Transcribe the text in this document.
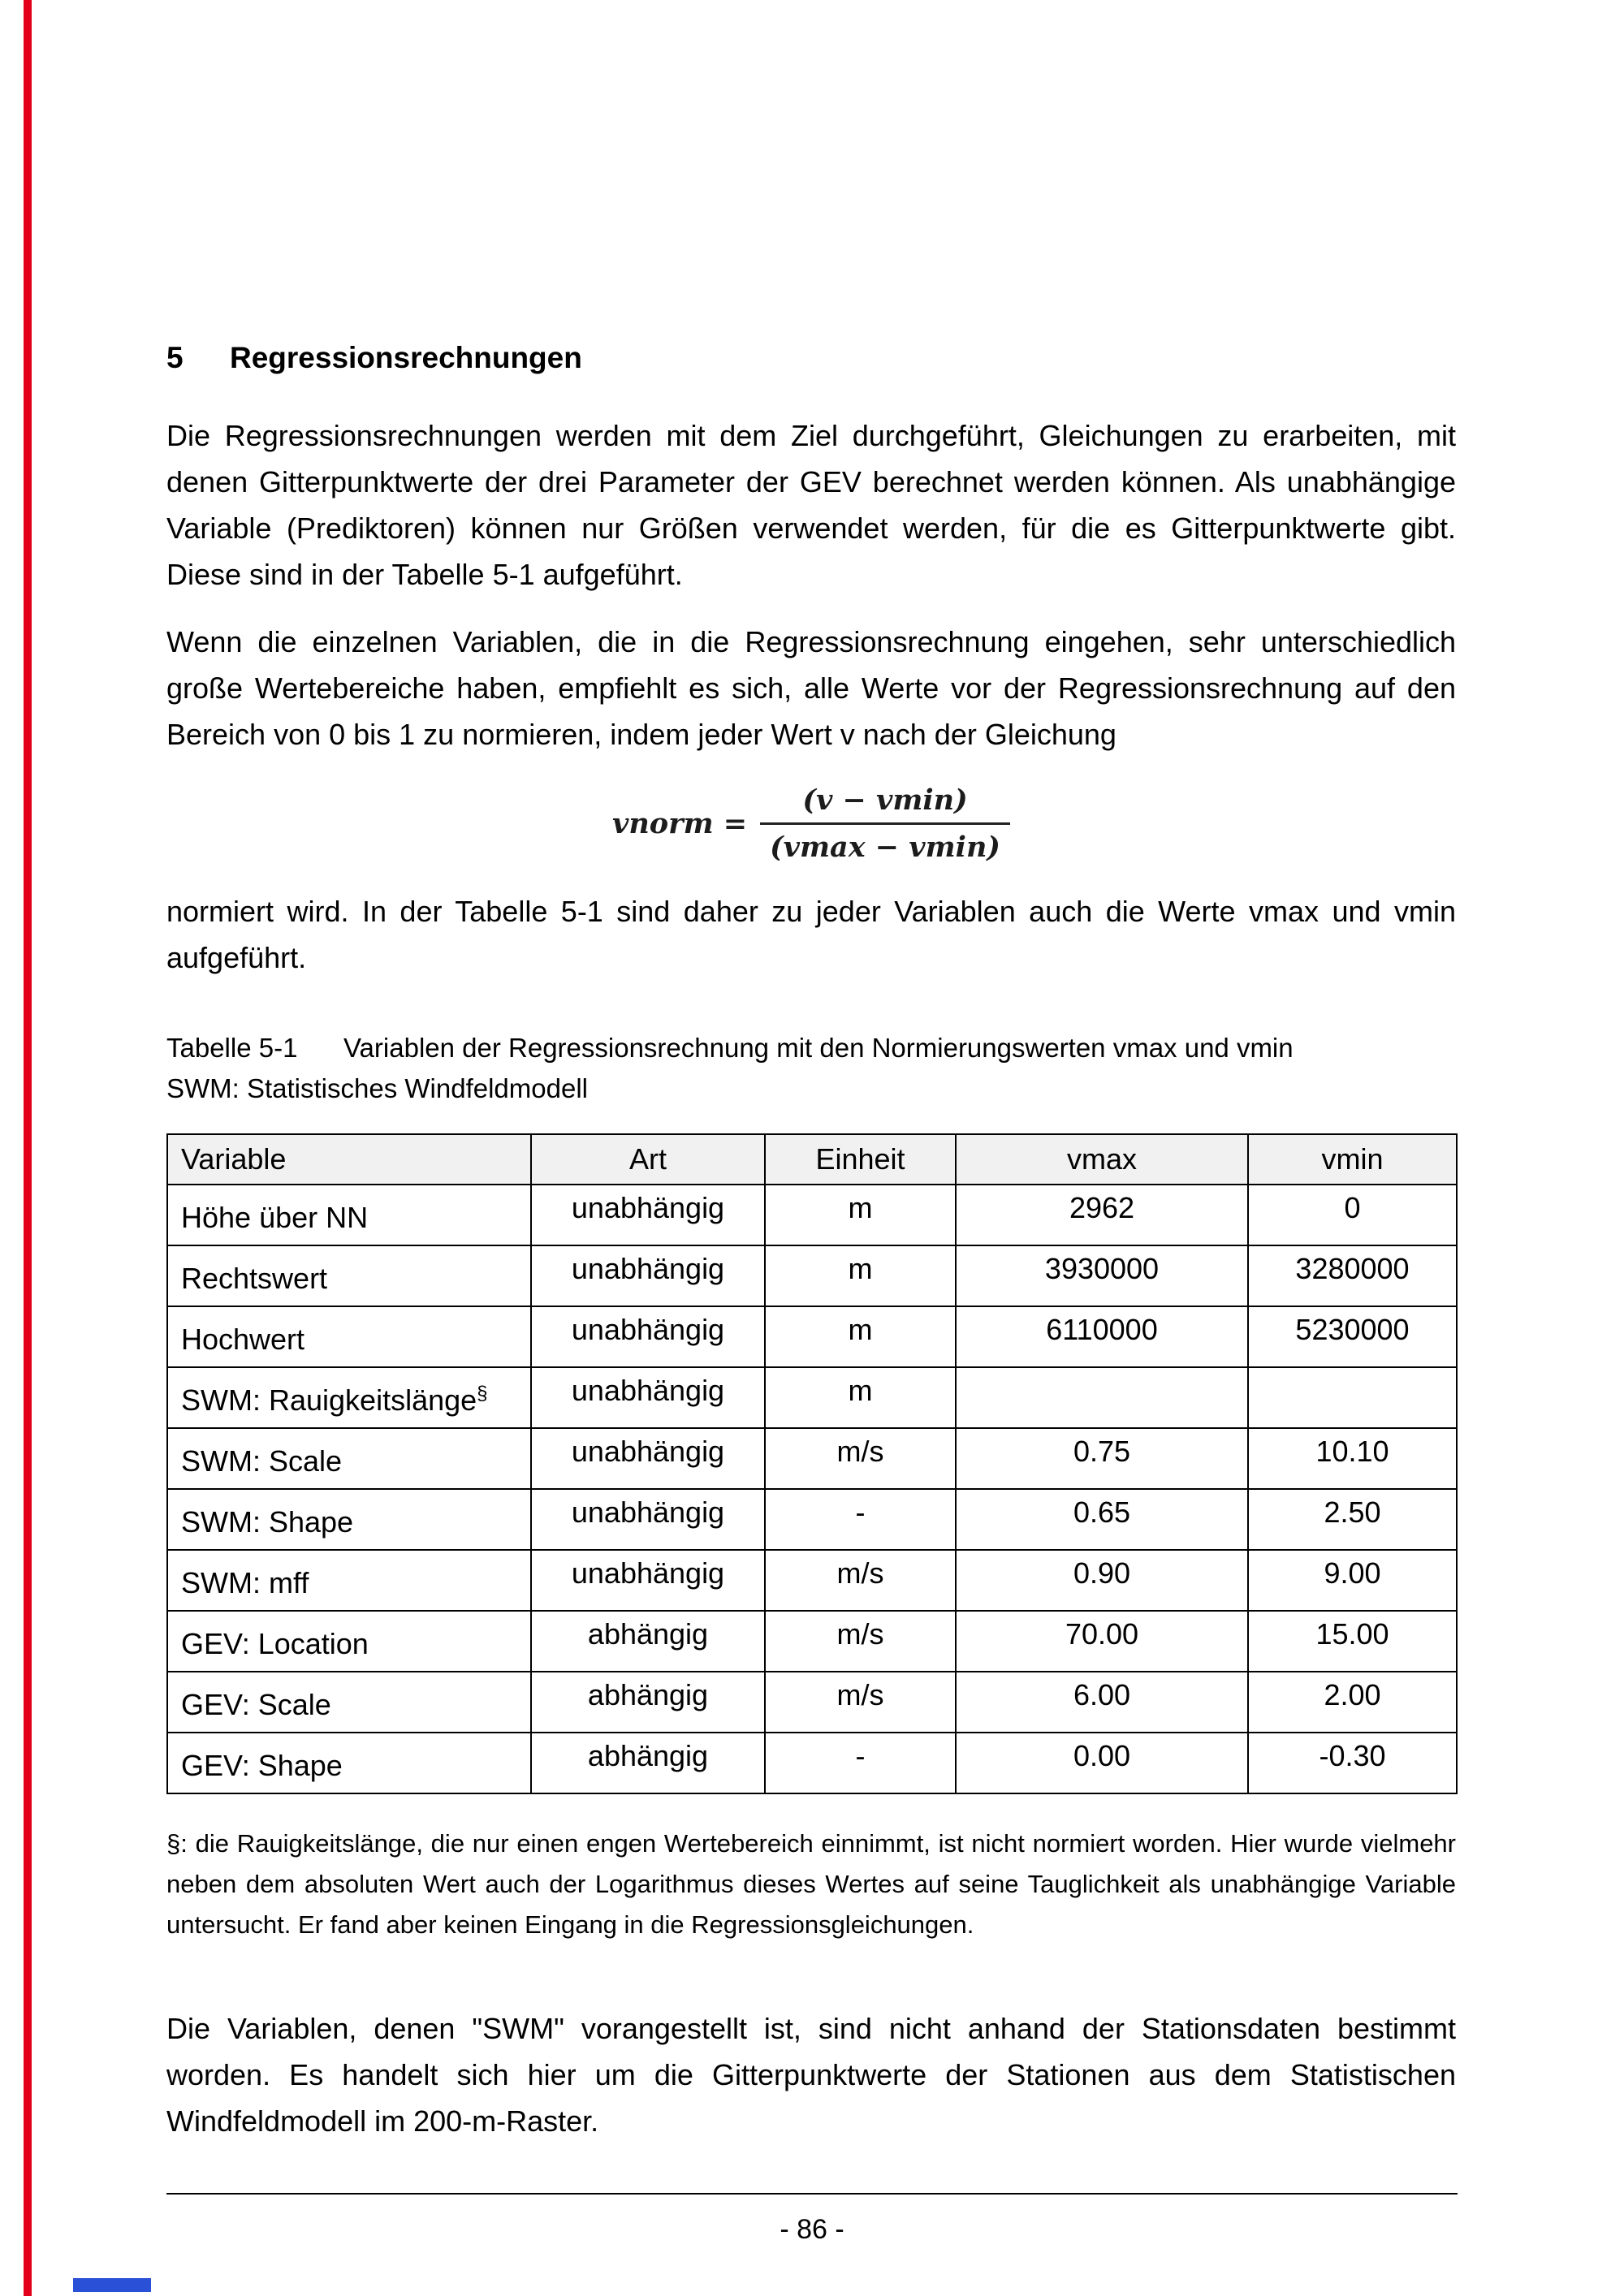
5	Regressionsrechnungen

Die Regressionsrechnungen werden mit dem Ziel durchgeführt, Gleichungen zu erarbeiten, mit denen Gitterpunktwerte der drei Parameter der GEV berechnet werden können. Als unabhängige Variable (Prediktoren) können nur Größen verwendet werden, für die es Gitterpunktwerte gibt. Diese sind in der Tabelle 5-1 aufgeführt.

Wenn die einzelnen Variablen, die in die Regressionsrechnung eingehen, sehr unterschiedlich große Wertebereiche haben, empfiehlt es sich, alle Werte vor der Regressionsrechnung auf den Bereich von 0 bis 1 zu normieren, indem jeder Wert v nach der Gleichung

vnorm = $\frac{(v - vmin)}{(vmax - vmin)}$

normiert wird. In der Tabelle 5-1 sind daher zu jeder Variablen auch die Werte vmax und vmin aufgeführt.

Tabelle 5-1	Variablen der Regressionsrechnung mit den Normierungswerten vmax und vmin
SWM: Statistisches Windfeldmodell
Variable	Art	Einheit	vmax	vmin
Höhe über NN	unabhängig	m	2962	0
Rechtswert	unabhängig	m	3930000	3280000
Hochwert	unabhängig	m	6110000	5230000
SWM: Rauigkeitslänge§	unabhängig	m		
SWM: Scale	unabhängig	m/s	0.75	10.10
SWM: Shape	unabhängig	-	0.65	2.50
SWM: mff	unabhängig	m/s	0.90	9.00
GEV: Location	abhängig	m/s	70.00	15.00
GEV: Scale	abhängig	m/s	6.00	2.00
GEV: Shape	abhängig	-	0.00	-0.30

§: die Rauigkeitslänge, die nur einen engen Wertebereich einnimmt, ist nicht normiert worden. Hier wurde vielmehr neben dem absoluten Wert auch der Logarithmus dieses Wertes auf seine Tauglichkeit als unabhängige Variable untersucht. Er fand aber keinen Eingang in die Regressionsgleichungen.

Die Variablen, denen "SWM" vorangestellt ist, sind nicht anhand der Stationsdaten bestimmt worden. Es handelt sich hier um die Gitterpunktwerte der Stationen aus dem Statistischen Windfeldmodell im 200-m-Raster.

- 86 -
